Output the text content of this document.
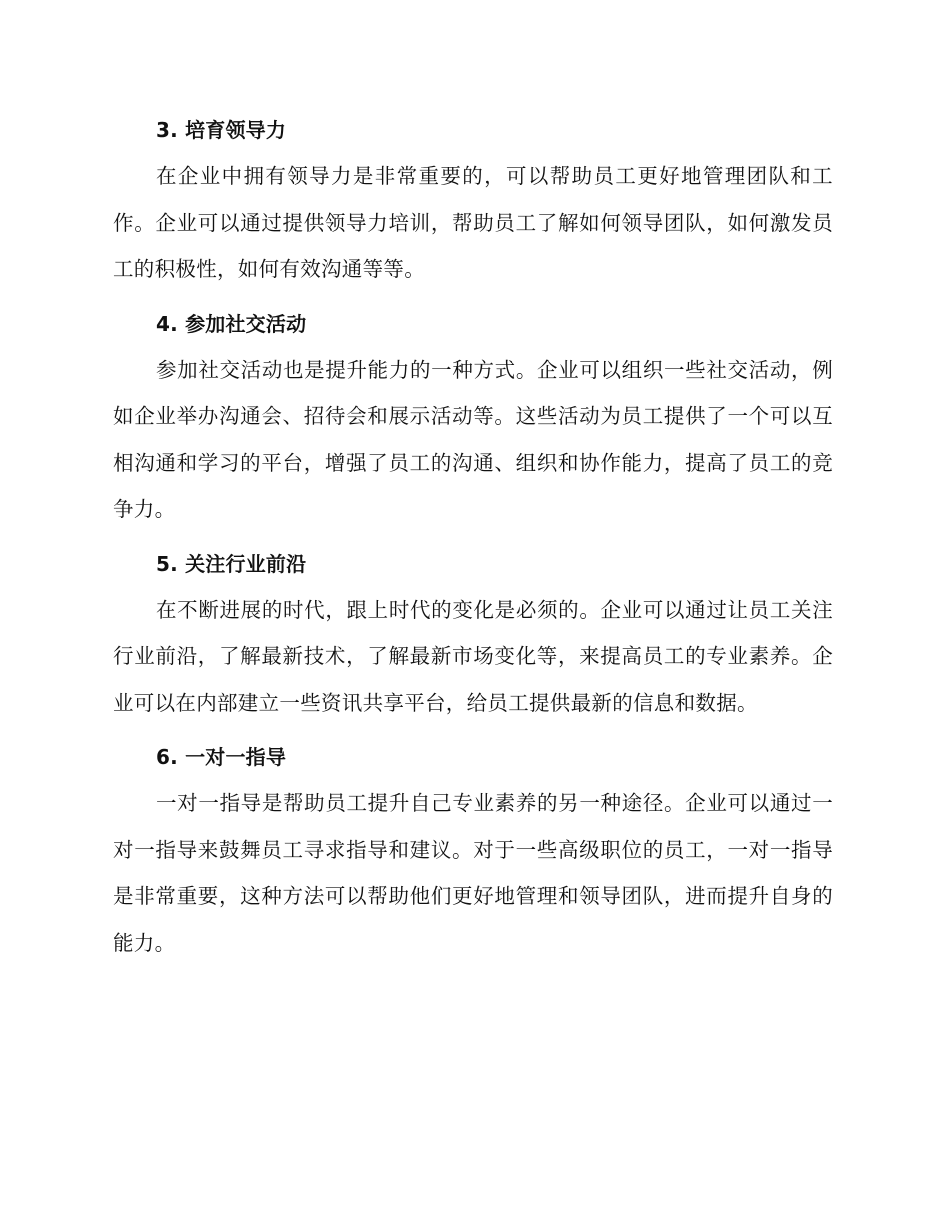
3. 培育领导力

在企业中拥有领导力是非常重要的，可以帮助员工更好地管理团队和工作。企业可以通过提供领导力培训，帮助员工了解如何领导团队，如何激发员工的积极性，如何有效沟通等等。

4. 参加社交活动

参加社交活动也是提升能力的一种方式。企业可以组织一些社交活动，例如企业举办沟通会、招待会和展示活动等。这些活动为员工提供了一个可以互相沟通和学习的平台，增强了员工的沟通、组织和协作能力，提高了员工的竞争力。

5. 关注行业前沿

在不断进展的时代，跟上时代的变化是必须的。企业可以通过让员工关注行业前沿，了解最新技术，了解最新市场变化等，来提高员工的专业素养。企业可以在内部建立一些资讯共享平台，给员工提供最新的信息和数据。

6. 一对一指导

一对一指导是帮助员工提升自己专业素养的另一种途径。企业可以通过一对一指导来鼓舞员工寻求指导和建议。对于一些高级职位的员工，一对一指导是非常重要，这种方法可以帮助他们更好地管理和领导团队，进而提升自身的能力。
